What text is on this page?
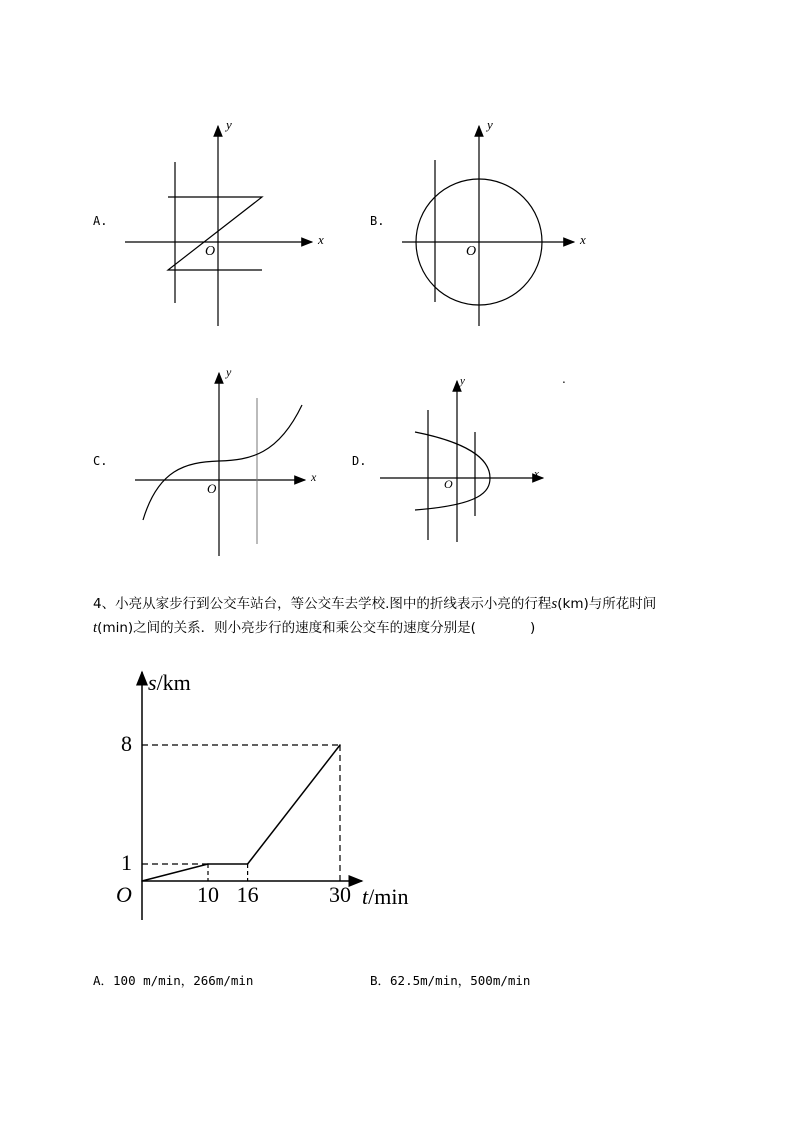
A.
y
x
O
B.
y
x
O
C.
y
x
O
D.
y
x
O
.
4、小亮从家步行到公交车站台，等公交车去学校.图中的折线表示小亮的行程s(km)与所花时间
t(min)之间的关系．则小亮步行的速度和乘公交车的速度分别是(　　　　)
s/km
t/min
O	10 16	30
1
8
A．100 m/min，266m/min	B．62.5m/min，500m/min
